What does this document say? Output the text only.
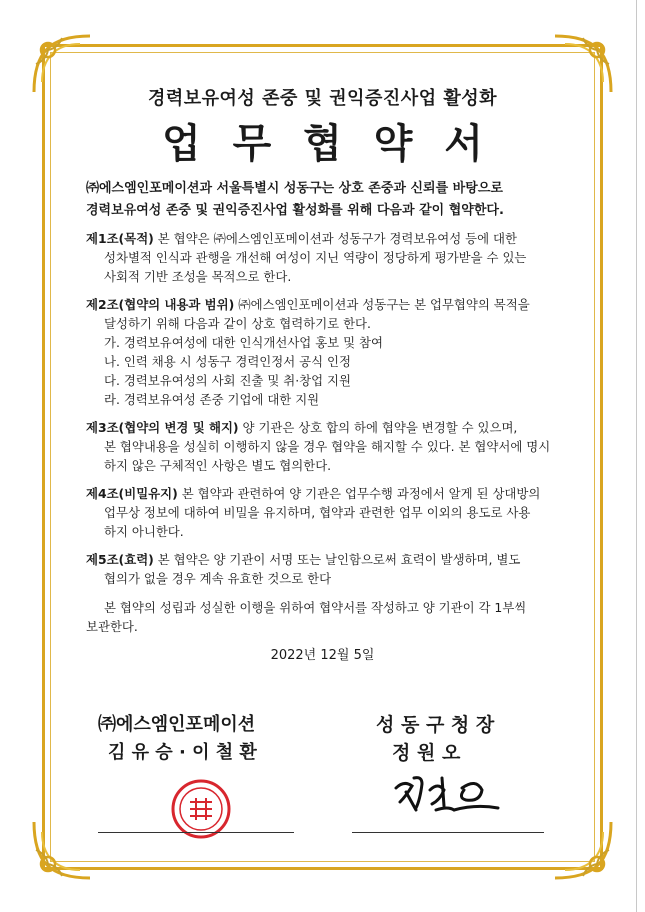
경력보유여성 존중 및 권익증진사업 활성화
업 무 협 약 서
㈜에스엠인포메이션과 서울특별시 성동구는 상호 존중과 신뢰를 바탕으로
경력보유여성 존중 및 권익증진사업 활성화를 위해 다음과 같이 협약한다.
제1조(목적) 본 협약은 ㈜에스엠인포메이션과 성동구가 경력보유여성 등에 대한
성차별적 인식과 관행을 개선해 여성이 지닌 역량이 정당하게 평가받을 수 있는
사회적 기반 조성을 목적으로 한다.
제2조(협약의 내용과 범위) ㈜에스엠인포메이션과 성동구는 본 업무협약의 목적을
달성하기 위해 다음과 같이 상호 협력하기로 한다.
가. 경력보유여성에 대한 인식개선사업 홍보 및 참여
나. 인력 채용 시 성동구 경력인정서 공식 인정
다. 경력보유여성의 사회 진출 및 취·창업 지원
라. 경력보유여성 존중 기업에 대한 지원
제3조(협약의 변경 및 해지) 양 기관은 상호 합의 하에 협약을 변경할 수 있으며,
본 협약내용을 성실히 이행하지 않을 경우 협약을 해지할 수 있다. 본 협약서에 명시
하지 않은 구체적인 사항은 별도 협의한다.
제4조(비밀유지) 본 협약과 관련하여 양 기관은 업무수행 과정에서 알게 된 상대방의
업무상 정보에 대하여 비밀을 유지하며, 협약과 관련한 업무 이외의 용도로 사용
하지 아니한다.
제5조(효력) 본 협약은 양 기관이 서명 또는 날인함으로써 효력이 발생하며, 별도
협의가 없을 경우 계속 유효한 것으로 한다
본 협약의 성립과 성실한 이행을 위하여 협약서를 작성하고 양 기관이 각 1부씩
보관한다.
2022년 12월 5일
㈜에스엠인포메이션
김 유 승 · 이 철 환
성 동 구 청 장
정 원 오
